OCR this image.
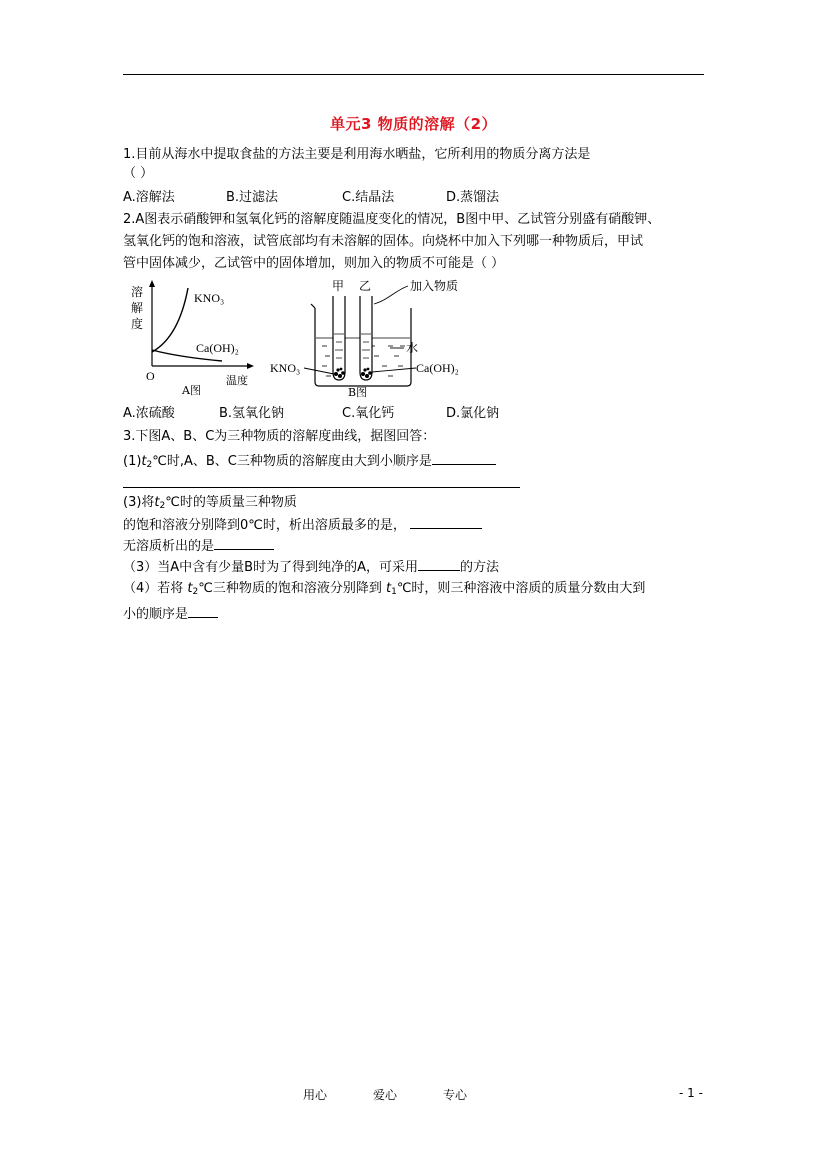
单元3 物质的溶解（2）
1.目前从海水中提取食盐的方法主要是利用海水晒盐，它所利用的物质分离方法是
（ ）
A.溶解法	B.过滤法	C.结晶法	D.蒸馏法
2.A图表示硝酸钾和氢氧化钙的溶解度随温度变化的情况，B图中甲、乙试管分别盛有硝酸钾、
氢氧化钙的饱和溶液，试管底部均有未溶解的固体。向烧杯中加入下列哪一种物质后，甲试
管中固体减少，乙试管中的固体增加，则加入的物质不可能是（ ）
溶
解
度
KNO₃
Ca(OH)₂
O	温度
A图
甲 乙	加入物质
水
KNO₃	Ca(OH)₂
B图
A.浓硫酸	B.氢氧化钠	C.氧化钙	D.氯化钠
3.下图A、B、C为三种物质的溶解度曲线，据图回答：
$(1)t_2℃$时,A、B、C三种物质的溶解度由大到小顺序是
(3)将$t_2℃$时的等质量三种物质
的饱和溶液分别降到0℃时，析出溶质最多的是，
无溶质析出的是
（3）当A中含有少量B时为了得到纯净的A，可采用	的方法
（4）若将 $t_2℃$三种物质的饱和溶液分别降到 $t_1℃$时，则三种溶液中溶质的质量分数由大到
小的顺序是
用心	爱心	专心	- 1 -
